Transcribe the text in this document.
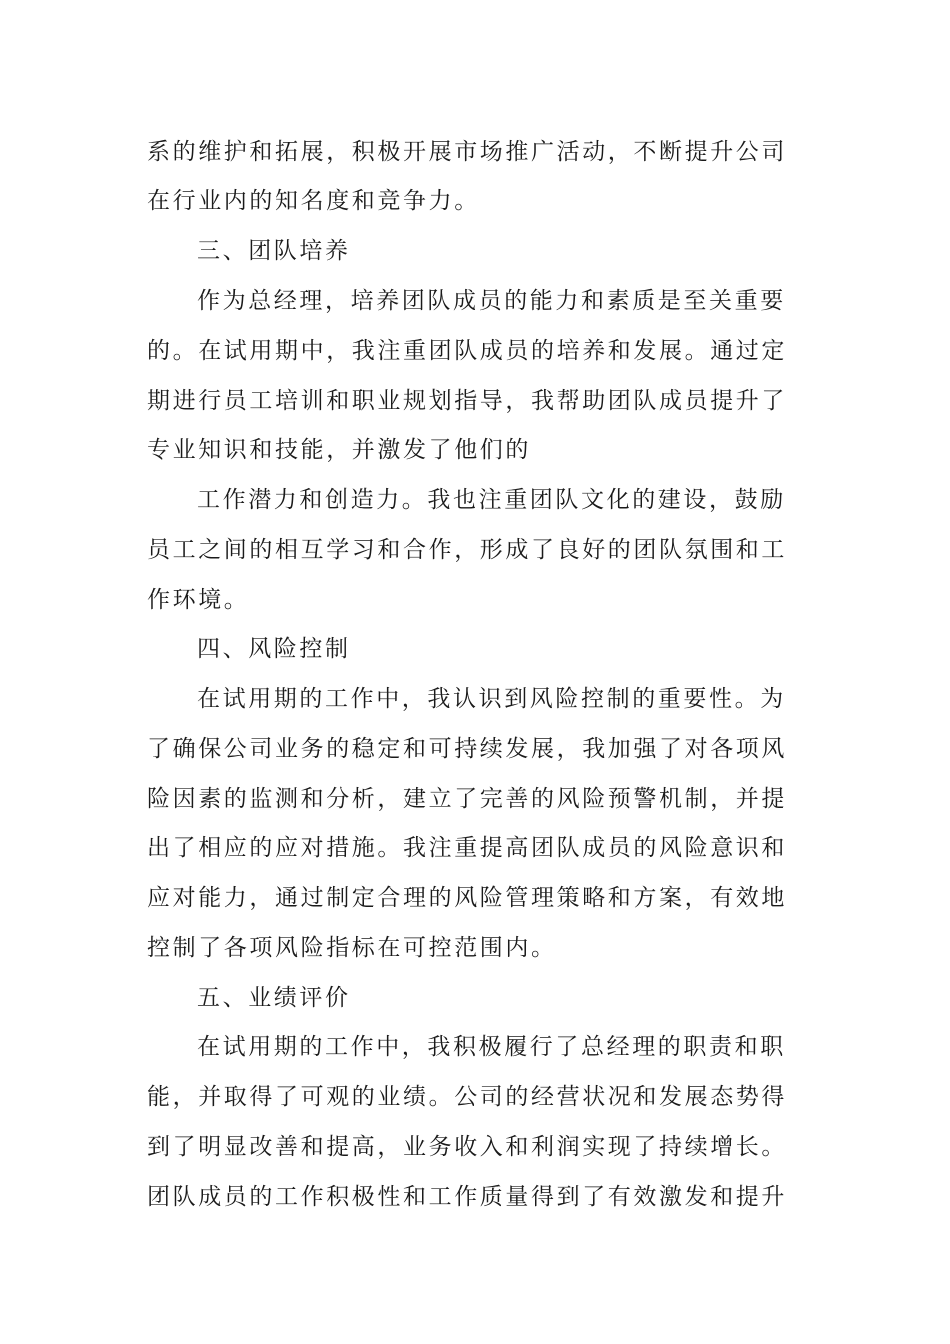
系的维护和拓展，积极开展市场推广活动，不断提升公司
在行业内的知名度和竞争力。
三、团队培养
作为总经理，培养团队成员的能力和素质是至关重要
的。在试用期中，我注重团队成员的培养和发展。通过定
期进行员工培训和职业规划指导，我帮助团队成员提升了
专业知识和技能，并激发了他们的
工作潜力和创造力。我也注重团队文化的建设，鼓励
员工之间的相互学习和合作，形成了良好的团队氛围和工
作环境。
四、风险控制
在试用期的工作中，我认识到风险控制的重要性。为
了确保公司业务的稳定和可持续发展，我加强了对各项风
险因素的监测和分析，建立了完善的风险预警机制，并提
出了相应的应对措施。我注重提高团队成员的风险意识和
应对能力，通过制定合理的风险管理策略和方案，有效地
控制了各项风险指标在可控范围内。
五、业绩评价
在试用期的工作中，我积极履行了总经理的职责和职
能，并取得了可观的业绩。公司的经营状况和发展态势得
到了明显改善和提高，业务收入和利润实现了持续增长。
团队成员的工作积极性和工作质量得到了有效激发和提升
